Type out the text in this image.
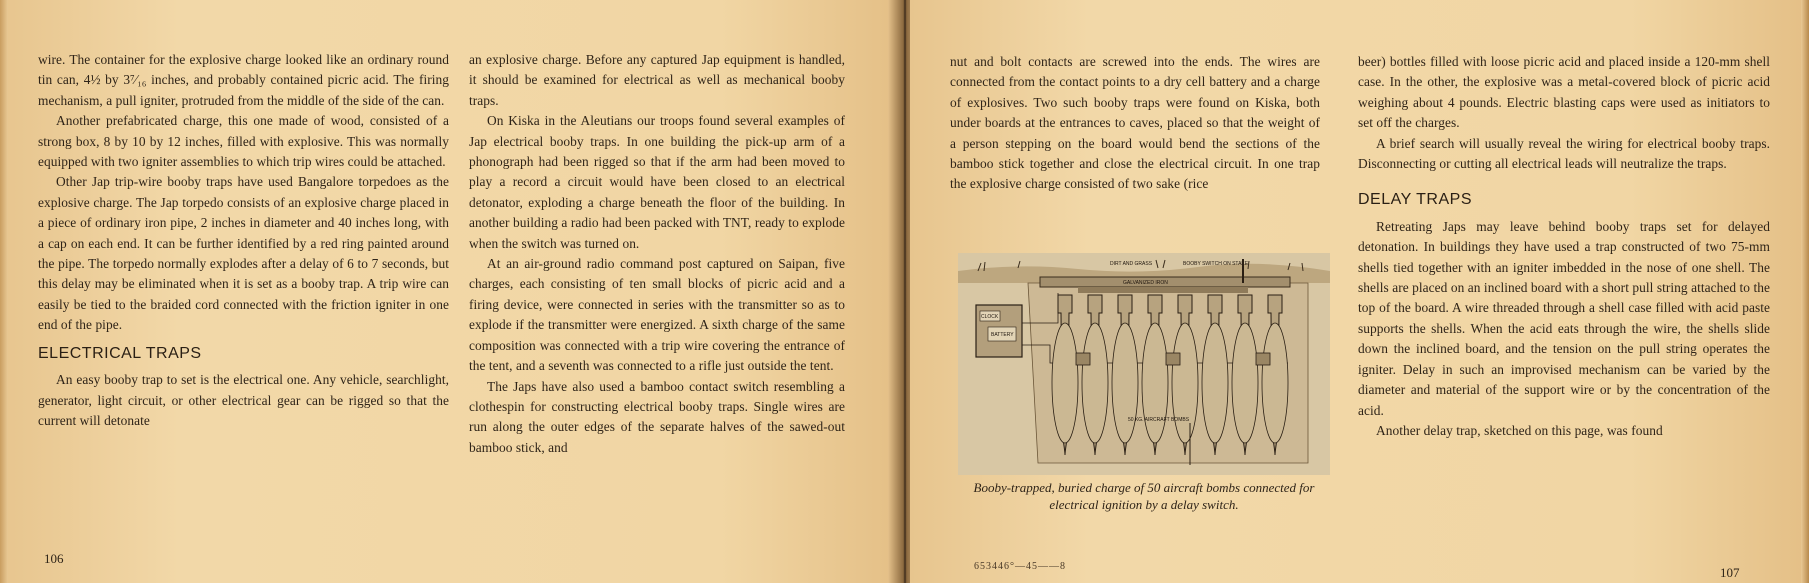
wire. The container for the explosive charge looked like an ordinary round tin can, 4½ by 3⁷⁄₁₆ inches, and probably contained picric acid. The firing mechanism, a pull igniter, protruded from the middle of the side of the can.

Another prefabricated charge, this one made of wood, consisted of a strong box, 8 by 10 by 12 inches, filled with explosive. This was normally equipped with two igniter assemblies to which trip wires could be attached.

Other Jap trip-wire booby traps have used Bangalore torpedoes as the explosive charge. The Jap torpedo consists of an explosive charge placed in a piece of ordinary iron pipe, 2 inches in diameter and 40 inches long, with a cap on each end. It can be further identified by a red ring painted around the pipe. The torpedo normally explodes after a delay of 6 to 7 seconds, but this delay may be eliminated when it is set as a booby trap. A trip wire can easily be tied to the braided cord connected with the friction igniter in one end of the pipe.

ELECTRICAL TRAPS

An easy booby trap to set is the electrical one. Any vehicle, searchlight, generator, light circuit, or other electrical gear can be rigged so that the current will detonate

an explosive charge. Before any captured Jap equipment is handled, it should be examined for electrical as well as mechanical booby traps.

On Kiska in the Aleutians our troops found several examples of Jap electrical booby traps. In one building the pick-up arm of a phonograph had been rigged so that if the arm had been moved to play a record a circuit would have been closed to an electrical detonator, exploding a charge beneath the floor of the building. In another building a radio had been packed with TNT, ready to explode when the switch was turned on.

At an air-ground radio command post captured on Saipan, five charges, each consisting of ten small blocks of picric acid and a firing device, were connected in series with the transmitter so as to explode if the transmitter were energized. A sixth charge of the same composition was connected with a trip wire covering the entrance of the tent, and a seventh was connected to a rifle just outside the tent.

The Japs have also used a bamboo contact switch resembling a clothespin for constructing electrical booby traps. Single wires are run along the outer edges of the separate halves of the sawed-out bamboo stick, and

106

nut and bolt contacts are screwed into the ends. The wires are connected from the contact points to a dry cell battery and a charge of explosives. Two such booby traps were found on Kiska, both under boards at the entrances to caves, placed so that the weight of a person stepping on the board would bend the sections of the bamboo stick together and close the electrical circuit. In one trap the explosive charge consisted of two sake (rice

beer) bottles filled with loose picric acid and placed inside a 120-mm shell case. In the other, the explosive was a metal-covered block of picric acid weighing about 4 pounds. Electric blasting caps were used as initiators to set off the charges.

A brief search will usually reveal the wiring for electrical booby traps. Disconnecting or cutting all electrical leads will neutralize the traps.

DELAY TRAPS

Retreating Japs may leave behind booby traps set for delayed detonation. In buildings they have used a trap constructed of two 75-mm shells tied together with an igniter imbedded in the nose of one shell. The shells are placed on an inclined board with a short pull string attached to the top of the board. A wire threaded through a shell case filled with acid paste supports the shells. When the acid eats through the wire, the shells slide down the inclined board, and the tension on the pull string operates the igniter. Delay in such an improvised mechanism can be varied by the diameter and material of the support wire or by the concentration of the acid.

Another delay trap, sketched on this page, was found

653446°—45——8	107
DIRT AND GRASS	BOOBY SWITCH ON STAKE
GALVANIZED IRON
CLOCK
BATTERY
50 KG. AIRCRAFT BOMBS
Booby-trapped, buried charge of 50 aircraft bombs connected for electrical ignition by a delay switch.
